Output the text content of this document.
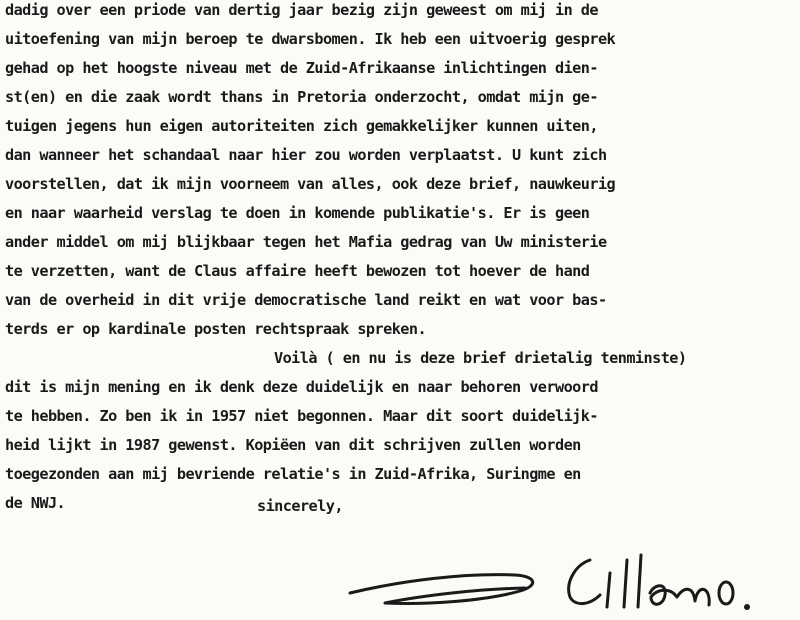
dadig over een priode van dertig jaar bezig zijn geweest om mij in de
uitoefening van mijn beroep te dwarsbomen. Ik heb een uitvoerig gesprek
gehad op het hoogste niveau met de Zuid-Afrikaanse inlichtingen dien-
st(en) en die zaak wordt thans in Pretoria onderzocht, omdat mijn ge-
tuigen jegens hun eigen autoriteiten zich gemakkelijker kunnen uiten,
dan wanneer het schandaal naar hier zou worden verplaatst. U kunt zich
voorstellen, dat ik mijn voorneem van alles, ook deze brief, nauwkeurig
en naar waarheid verslag te doen in komende publikatie's. Er is geen
ander middel om mij blijkbaar tegen het Mafia gedrag van Uw ministerie
te verzetten, want de Claus affaire heeft bewozen tot hoever de hand
van de overheid in dit vrije democratische land reikt en wat voor bas-
terds er op kardinale posten rechtspraak spreken.
Voilà ( en nu is deze brief drietalig tenminste)
dit is mijn mening en ik denk deze duidelijk en naar behoren verwoord
te hebben. Zo ben ik in 1957 niet begonnen. Maar dit soort duidelijk-
heid lijkt in 1987 gewenst. Kopiëen van dit schrijven zullen worden
toegezonden aan mij bevriende relatie's in Zuid-Afrika, Suringme en
de NWJ.	sincerely,
